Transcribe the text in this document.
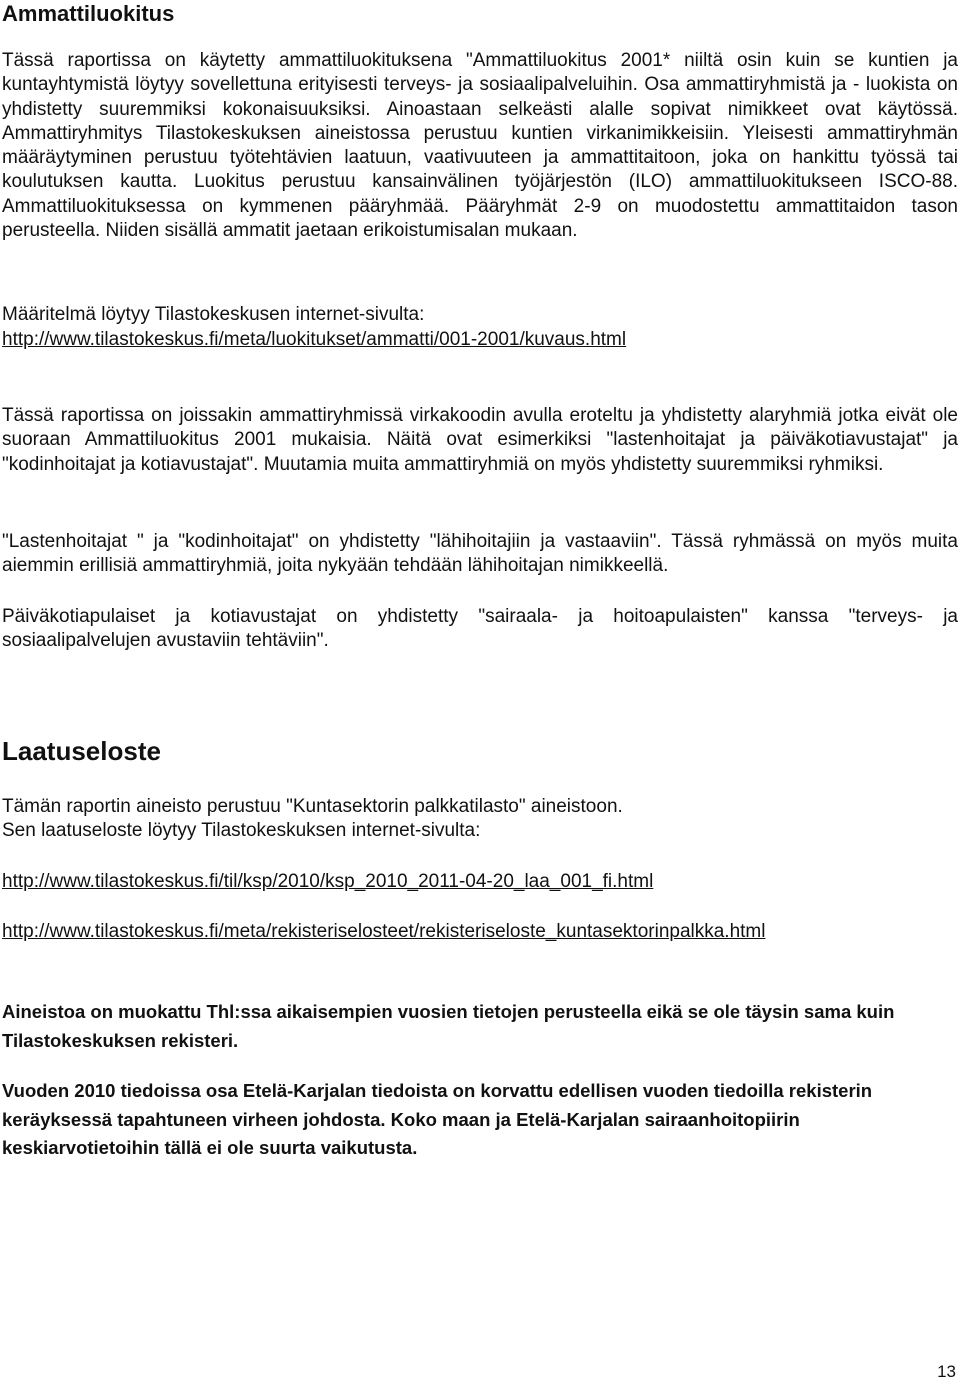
Ammattiluokitus

Tässä raportissa on käytetty ammattiluokituksena "Ammattiluokitus 2001* niiltä osin kuin se kuntien ja kuntayhtymistä löytyy sovellettuna erityisesti terveys- ja sosiaalipalveluihin. Osa ammattiryhmistä ja - luokista on yhdistetty suuremmiksi kokonaisuuksiksi. Ainoastaan selkeästi alalle sopivat nimikkeet ovat käytössä. Ammattiryhmitys Tilastokeskuksen aineistossa perustuu kuntien virkanimikkeisiin. Yleisesti ammattiryhmän määräytyminen perustuu työtehtävien laatuun, vaativuuteen ja ammattitaitoon, joka on hankittu työssä tai koulutuksen kautta. Luokitus perustuu kansainvälinen työjärjestön (ILO) ammattiluokitukseen ISCO-88. Ammattiluokituksessa on kymmenen pääryhmää. Pääryhmät 2-9 on muodostettu ammattitaidon tason perusteella. Niiden sisällä ammatit jaetaan erikoistumisalan mukaan.

Määritelmä löytyy Tilastokeskusen internet-sivulta:

http://www.tilastokeskus.fi/meta/luokitukset/ammatti/001-2001/kuvaus.html

Tässä raportissa on joissakin ammattiryhmissä virkakoodin avulla eroteltu ja yhdistetty alaryhmiä jotka eivät ole suoraan Ammattiluokitus 2001 mukaisia. Näitä ovat esimerkiksi "lastenhoitajat ja päiväkotiavustajat" ja "kodinhoitajat ja kotiavustajat". Muutamia muita ammattiryhmiä on myös yhdistetty suuremmiksi ryhmiksi.

"Lastenhoitajat " ja "kodinhoitajat" on yhdistetty "lähihoitajiin ja vastaaviin". Tässä ryhmässä on myös muita aiemmin erillisiä ammattiryhmiä, joita nykyään tehdään lähihoitajan nimikkeellä.

Päiväkotiapulaiset ja kotiavustajat on yhdistetty "sairaala- ja hoitoapulaisten" kanssa "terveys- ja sosiaalipalvelujen avustaviin tehtäviin".

Laatuseloste

Tämän raportin aineisto perustuu "Kuntasektorin palkkatilasto" aineistoon.

Sen laatuseloste löytyy Tilastokeskuksen internet-sivulta:

http://www.tilastokeskus.fi/til/ksp/2010/ksp_2010_2011-04-20_laa_001_fi.html
http://www.tilastokeskus.fi/meta/rekisteriselosteet/rekisteriseloste_kuntasektorinpalkka.html

Aineistoa on muokattu Thl:ssa aikaisempien vuosien tietojen perusteella eikä se ole täysin sama kuin Tilastokeskuksen rekisteri.

Vuoden 2010 tiedoissa osa Etelä-Karjalan tiedoista on korvattu edellisen vuoden tiedoilla rekisterin keräyksessä tapahtuneen virheen johdosta. Koko maan ja Etelä-Karjalan sairaanhoitopiirin keskiarvotietoihin tällä ei ole suurta vaikutusta.

13
